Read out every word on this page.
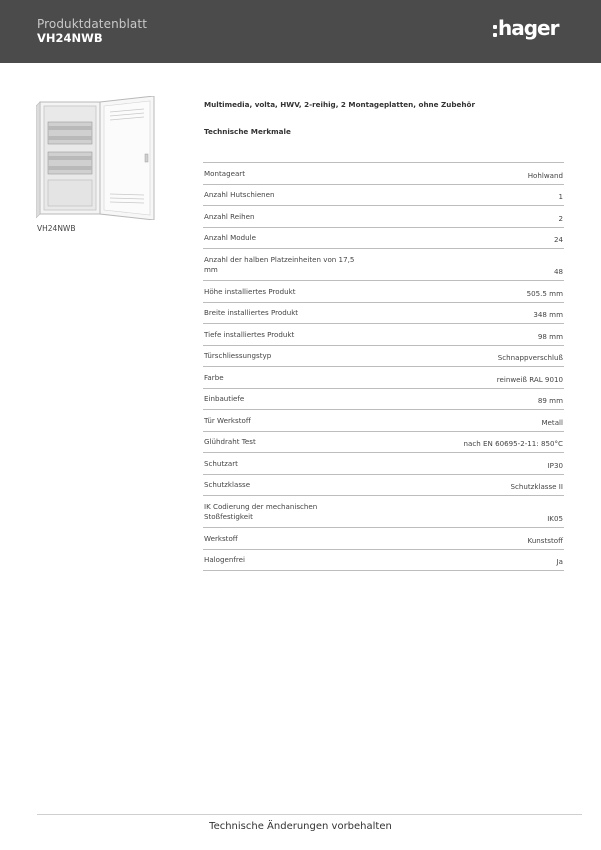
Produktdatenblatt
VH24NWB	hager
VH24NWB
Multimedia, volta, HWV, 2-reihig, 2 Montageplatten, ohne Zubehör
Technische Merkmale
Montageart	Hohlwand
Anzahl Hutschienen	1
Anzahl Reihen	2
Anzahl Module	24
Anzahl der halben Platzeinheiten von 17,5 mm	48
Höhe installiertes Produkt	505.5 mm
Breite installiertes Produkt	348 mm
Tiefe installiertes Produkt	98 mm
Türschliessungstyp	Schnappverschluß
Farbe	reinweiß RAL 9010
Einbautiefe	89 mm
Tür Werkstoff	Metall
Glühdraht Test	nach EN 60695-2-11: 850°C
Schutzart	IP30
Schutzklasse	Schutzklasse II
IK Codierung der mechanischen Stoßfestigkeit	IK05
Werkstoff	Kunststoff
Halogenfrei	Ja
Technische Änderungen vorbehalten
